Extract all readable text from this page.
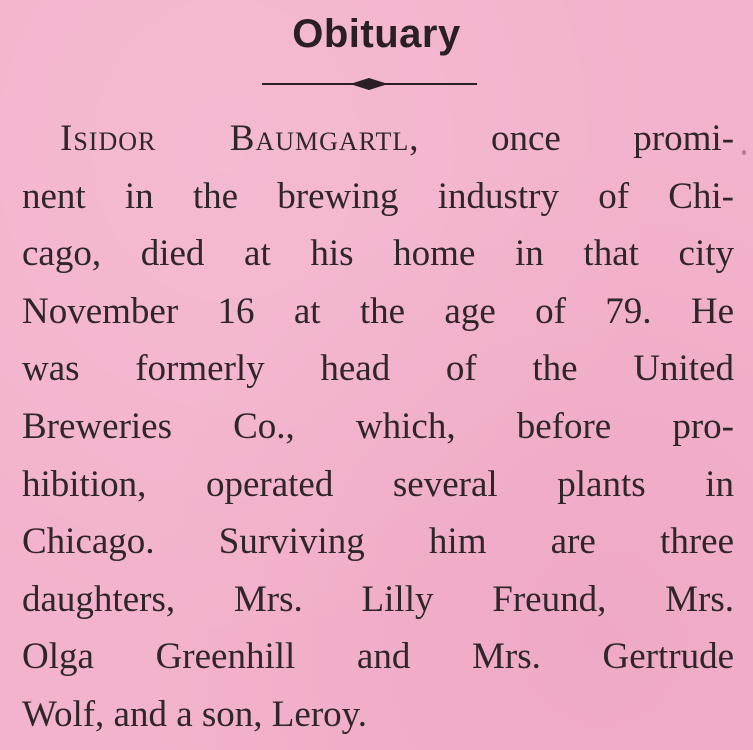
Obituary
Isidor Baumgartl, once promi-
nent in the brewing industry of Chi-
cago, died at his home in that city
November 16 at the age of 79. He
was formerly head of the United
Breweries Co., which, before pro-
hibition, operated several plants in
Chicago. Surviving him are three
daughters, Mrs. Lilly Freund, Mrs.
Olga Greenhill and Mrs. Gertrude
Wolf, and a son, Leroy.
